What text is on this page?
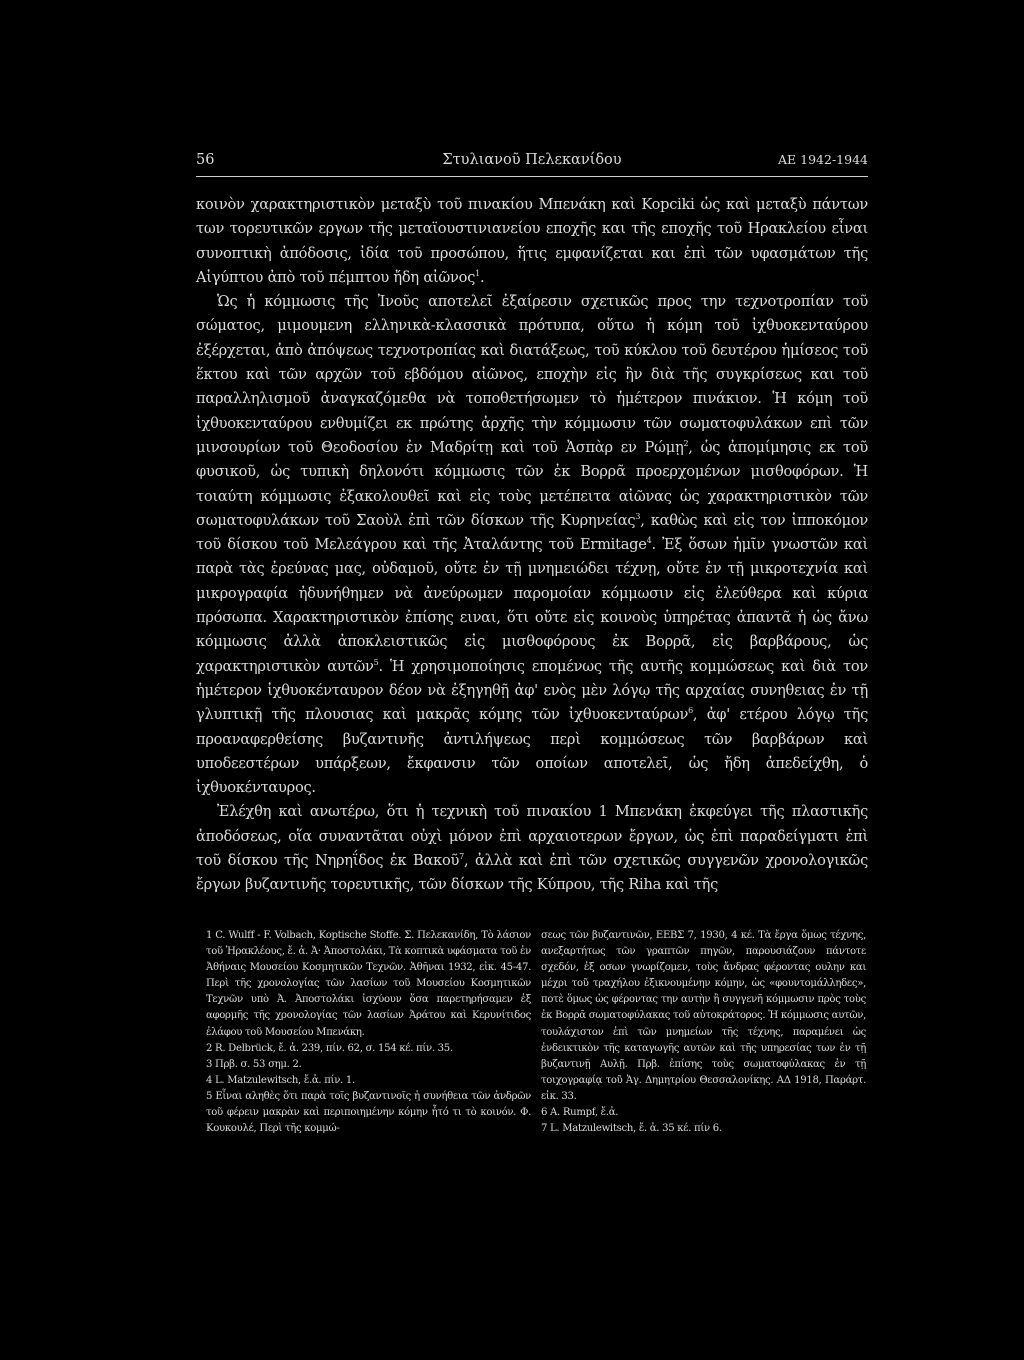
56	Στυλιανοῦ Πελεκανίδου	ΑΕ 1942-1944

κοινὸν χαρακτηριστικὸν μεταξὺ τοῦ πινακίου Μπενάκη καὶ Kopciki ὡς καὶ μεταξὺ πάντων των τορευτικῶν εργων τῆς μεταϊουστινιανείου εποχῆς και τῆς εποχῆς τοῦ Ηρακλείου εἶναι συνοπτικὴ ἀπόδοσις, ἰδία τοῦ προσώπου, ἥτις εμφανίζεται και ἐπὶ τῶν υφασμάτων τῆς Αἰγύπτου ἀπὸ τοῦ πέμπτου ἤδη αἰῶνος$^1$.

Ὡς ἡ κόμμωσις τῆς Ἰνοῦς αποτελεῖ ἐξαίρεσιν σχετικῶς προς την τεχνοτροπίαν τοῦ σώματος, μιμουμενη ελληνικὰ-κλασσικὰ πρότυπα, οὕτω ἡ κόμη τοῦ ἰχθυοκενταύρου ἐξέρχεται, ἀπὸ ἀπόψεως τεχνοτροπίας καὶ διατάξεως, τοῦ κύκλου τοῦ δευτέρου ἡμίσεος τοῦ ἕκτου καὶ τῶν αρχῶν τοῦ εβδόμου αἰῶνος, εποχὴν εἰς ἣν διὰ τῆς συγκρίσεως και τοῦ παραλληλισμοῦ ἀναγκαζόμεθα νὰ τοποθετήσωμεν τὸ ἡμέτερον πινάκιον. Ἡ κόμη τοῦ ἰχθυοκενταύρου ενθυμίζει εκ πρώτης ἀρχῆς τὴν κόμμωσιν τῶν σωματοφυλάκων επὶ τῶν μινσουρίων τοῦ Θεοδοσίου ἐν Μαδρίτῃ καὶ τοῦ Ἀσπὰρ εν Ρώμῃ$^2$, ὡς ἀπομίμησις εκ τοῦ φυσικοῦ, ὡς τυπικὴ δηλονότι κόμμωσις τῶν ἐκ Βορρᾶ προερχομένων μισθοφόρων. Ἡ τοιαύτη κόμμωσις ἐξακολουθεῖ καὶ εἰς τοὺς μετέπειτα αἰῶνας ὡς χαρακτηριστικὸν τῶν σωματοφυλάκων τοῦ Σαοὺλ ἐπὶ τῶν δίσκων τῆς Κυρηνείας$^3$, καθὼς καὶ εἰς τον ἱπποκόμον τοῦ δίσκου τοῦ Μελεάγρου καὶ τῆς Ἀταλάντης τοῦ Ermitage$^4$. Ἐξ ὅσων ἡμῖν γνωστῶν καὶ παρὰ τὰς ἐρεύνας μας, οὐδαμοῦ, οὔτε ἐν τῇ μνημειώδει τέχνῃ, οὔτε ἐν τῇ μικροτεχνία καὶ μικρογραφία ἠδυνήθημεν νὰ ἀνεύρωμεν παρομοίαν κόμμωσιν εἰς ἐλεύθερα καὶ κύρια πρόσωπα. Χαρακτηριστικὸν ἐπίσης ειναι, ὅτι οὔτε εἰς κοινοὺς ὑπηρέτας ἀπαντᾶ ἡ ὡς ἄνω κόμμωσις ἀλλὰ ἀποκλειστικῶς εἰς μισθοφόρους ἐκ Βορρᾶ, εἰς βαρβάρους, ὡς χαρακτηριστικὸν αυτῶν$^5$. Ἡ χρησιμοποίησις επομένως τῆς αυτῆς κομμώσεως καὶ διὰ τον ἡμέτερον ἰχθυοκένταυρον δέον νὰ ἐξηγηθῇ ἀφ' ενὸς μὲν λόγῳ τῆς αρχαίας συνηθειας ἐν τῇ γλυπτικῇ τῆς πλουσιας καὶ μακρᾶς κόμης τῶν ἰχθυοκενταύρων$^6$, ἀφ' ετέρου λόγῳ τῆς προαναφερθείσης βυζαντινῆς ἀντιλήψεως περὶ κομμώσεως τῶν βαρβάρων καὶ υποδεεστέρων υπάρξεων, ἔκφανσιν τῶν οποίων αποτελεῖ, ὡς ἤδη ἀπεδείχθη, ὁ ἰχθυοκένταυρος.

Ἐλέχθη καὶ ανωτέρω, ὅτι ἡ τεχνικὴ τοῦ πινακίου 1 Μπενάκη ἐκφεύγει τῆς πλαστικῆς ἀποδόσεως, οἵα συναντᾶται οὐχὶ μόνον ἐπὶ αρχαιοτερων ἔργων, ὡς ἐπὶ παραδείγματι ἐπὶ τοῦ δίσκου τῆς Νηρηΐδος ἐκ Βακοῦ$^7$, ἀλλὰ καὶ ἐπὶ τῶν σχετικῶς συγγενῶν χρονολογικῶς ἔργων βυζαντινῆς τορευτικῆς, τῶν δίσκων τῆς Κύπρου, τῆς Riha καὶ τῆς

1 C. Wulff - F. Volbach, Koptische Stoffe. Σ. Πελεκανίδη, Τὸ λάσιον τοῦ Ἡρακλέους, ἔ. ἀ. Ἀ· Ἀποστολάκι, Τὰ κοπτικὰ υφάσματα τοῦ ἐν Ἀθήναις Μουσείου Κοσμητικῶν Τεχνῶν. Ἀθῆναι 1932, εἰκ. 45-47. Περὶ τῆς χρονολογίας τῶν λασίων τοῦ Μουσείου Κοσμητικῶν Τεχνῶν υπὸ Ἀ. Ἀποστολάκι ἰσχύουν ὅσα παρετηρήσαμεν ἐξ αφορμῆς τῆς χρονολογίας τῶν λασίων Ἀράτου καὶ Κερυνίτιδος ἐλάφου τοῦ Μουσείου Μπενάκη.

2 R. Delbrück, ἔ. ἀ. 239, πίν. 62, σ. 154 κέ. πίν. 35.

3 Πρβ. σ. 53 σημ. 2.

4 L. Matzulewitsch, ἔ.ἀ. πίν. 1.

5 Εἶναι αληθὲς ὅτι παρὰ τοῖς βυζαντινοῖς ἡ συνήθεια τῶν ἀνδρῶν τοῦ φέρειν μακρὰν καὶ περιποιημένην κόμην ἦτό τι τὸ κοινόν. Φ. Κουκουλέ, Περὶ τῆς κομμώ-

σεως τῶν βυζαντινῶν, ΕΕΒΣ 7, 1930, 4 κέ. Τὰ ἔργα ὅμως τέχνης, ανεξαρτήτως τῶν γραπτῶν πηγῶν, παρουσιάζουν πάντοτε σχεδόν, ἐξ οσων γνωρίζομεν, τοὺς ἄνδρας φέροντας ουλην και μέχρι τοῦ τραχήλου ἐξικνουμένην κόμην, ὡς «φουντομάλληδες», ποτὲ ὅμως ὡς φέροντας την αυτὴν ἢ συγγενῆ κόμμωσιν πρὸς τοὺς ἐκ Βορρᾶ σωματοφύλακας τοῦ αὐτοκράτορος. Ἡ κόμμωσις αυτῶν, τουλάχιστον ἐπὶ τῶν μνημείων τῆς τέχνης, παραμένει ὡς ἐνδεικτικὸν τῆς καταγωγῆς αυτῶν καὶ τῆς υπηρεσίας των ἐν τῇ βυζαντινῇ Αυλῇ. Πρβ. ἐπίσης τοὺς σωματοφύλακας ἐν τῇ τοιχογραφίᾳ τοῦ Ἁγ. Δημητρίου Θεσσαλονίκης. ΑΔ 1918, Παράρτ. εἰκ. 33.

6 A. Rumpf, ἔ.ἀ.

7 L. Matzulewitsch, ἔ. ἀ. 35 κέ. πίν 6.
